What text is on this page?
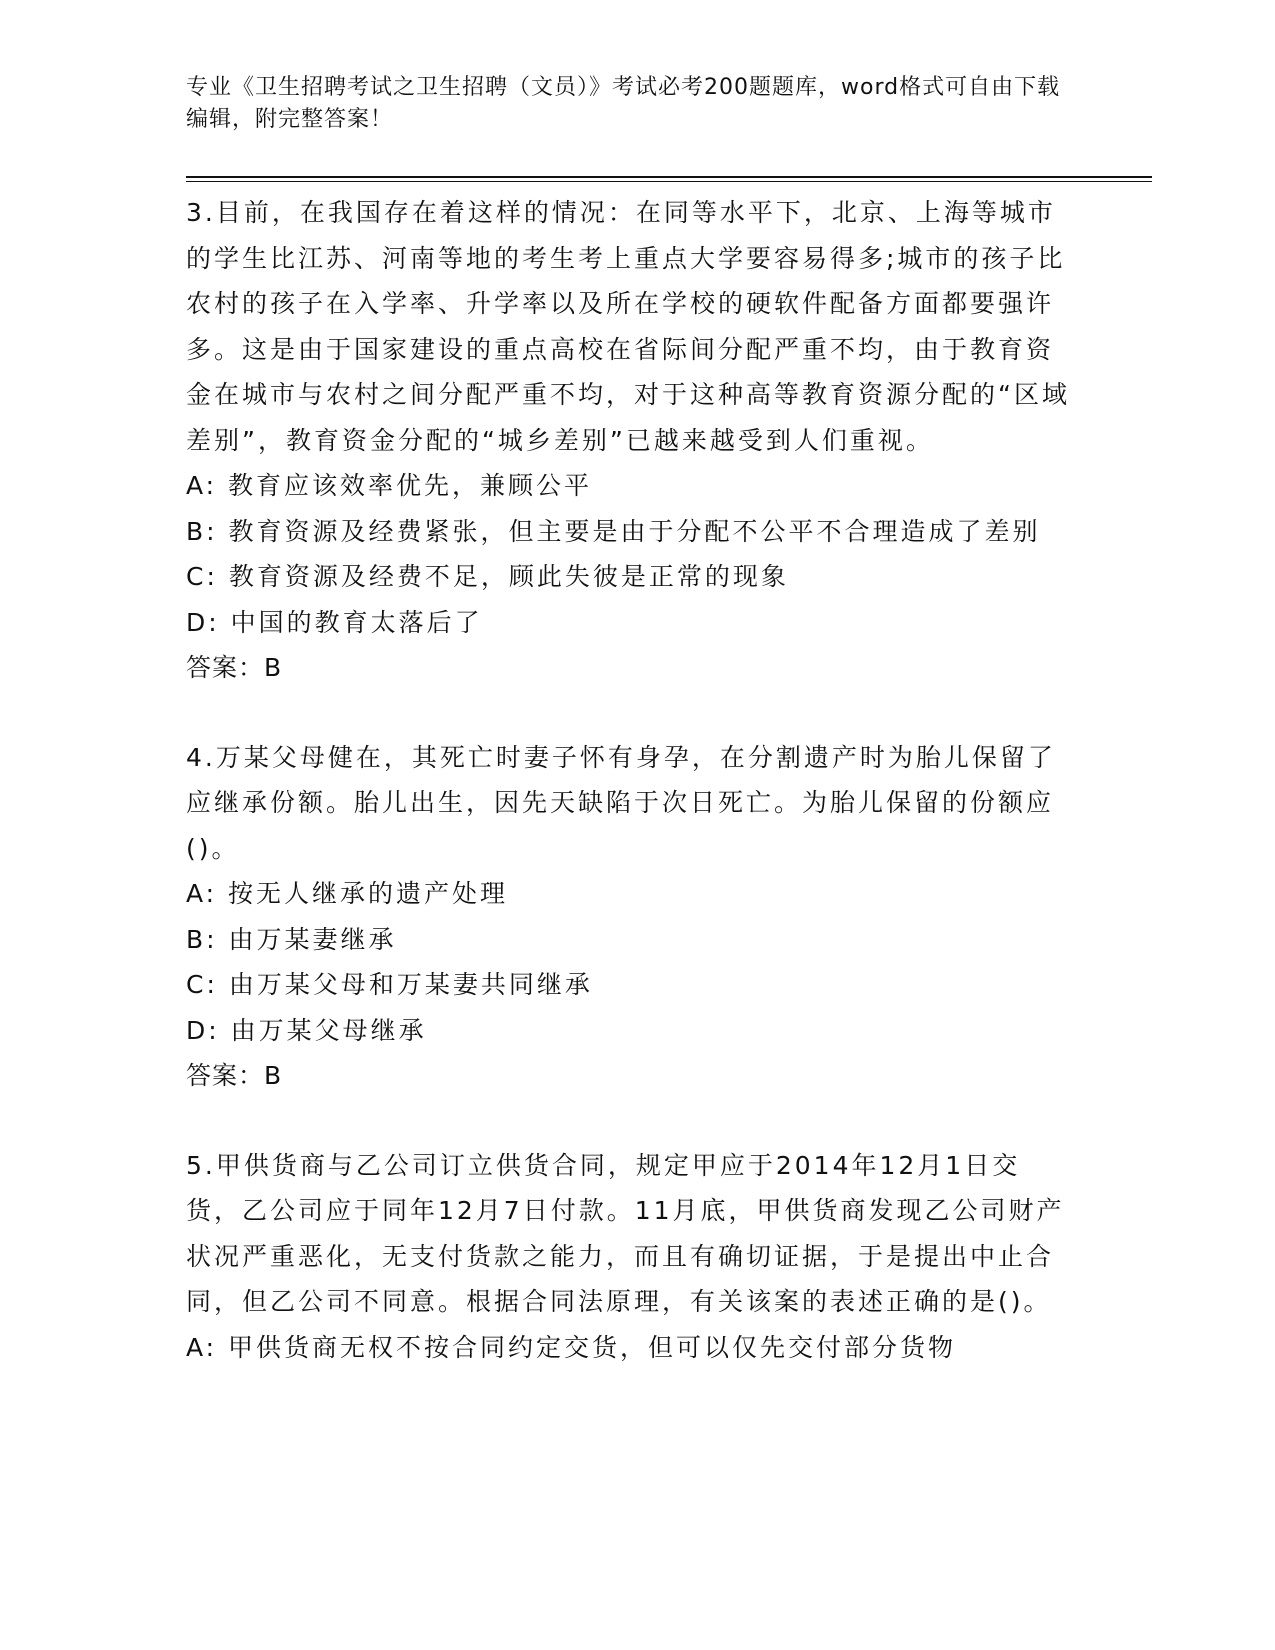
专业《卫生招聘考试之卫生招聘（文员）》考试必考200题题库，word格式可自由下载编辑，附完整答案！

3.目前，在我国存在着这样的情况：在同等水平下，北京、上海等城市的学生比江苏、河南等地的考生考上重点大学要容易得多;城市的孩子比农村的孩子在入学率、升学率以及所在学校的硬软件配备方面都要强许多。这是由于国家建设的重点高校在省际间分配严重不均，由于教育资金在城市与农村之间分配严重不均，对于这种高等教育资源分配的“区域差别”，教育资金分配的“城乡差别”已越来越受到人们重视。

A: 教育应该效率优先，兼顾公平

B: 教育资源及经费紧张，但主要是由于分配不公平不合理造成了差别

C: 教育资源及经费不足，顾此失彼是正常的现象

D: 中国的教育太落后了

答案：B

4.万某父母健在，其死亡时妻子怀有身孕，在分割遗产时为胎儿保留了应继承份额。胎儿出生，因先天缺陷于次日死亡。为胎儿保留的份额应()。

A: 按无人继承的遗产处理

B: 由万某妻继承

C: 由万某父母和万某妻共同继承

D: 由万某父母继承

答案：B

5.甲供货商与乙公司订立供货合同，规定甲应于2014年12月1日交货，乙公司应于同年12月7日付款。11月底，甲供货商发现乙公司财产状况严重恶化，无支付货款之能力，而且有确切证据，于是提出中止合同，但乙公司不同意。根据合同法原理，有关该案的表述正确的是()。

A: 甲供货商无权不按合同约定交货，但可以仅先交付部分货物
